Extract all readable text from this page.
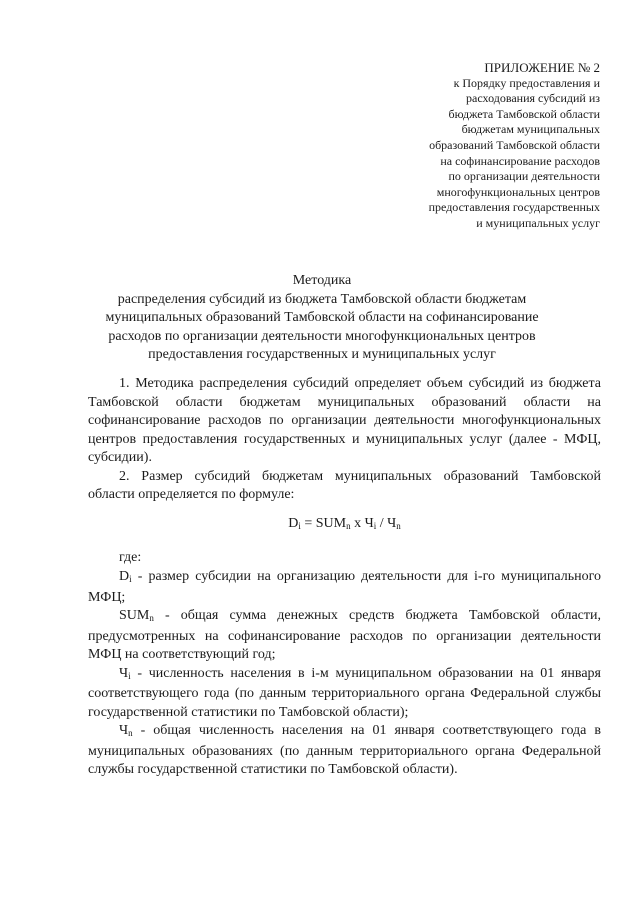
ПРИЛОЖЕНИЕ № 2
к Порядку предоставления и
расходования субсидий из
бюджета Тамбовской области
бюджетам муниципальных
образований Тамбовской области
на софинансирование расходов
по организации деятельности
многофункциональных центров
предоставления государственных
и муниципальных услуг
Методика
распределения субсидий из бюджета Тамбовской области бюджетам
муниципальных образований Тамбовской области на софинансирование
расходов по организации деятельности многофункциональных центров
предоставления государственных и муниципальных услуг
1. Методика распределения субсидий определяет объем субсидий из бюджета Тамбовской области бюджетам муниципальных образований области на софинансирование расходов по организации деятельности многофункциональных центров предоставления государственных и муниципальных услуг (далее - МФЦ, субсидии).
2. Размер субсидий бюджетам муниципальных образований Тамбовской области определяется по формуле:
$D_i = SUM_n$ x $Ч_i / Ч_n$
где:
$D_i$ - размер субсидии на организацию деятельности для i-го муниципального МФЦ;
$SUM_n$ - общая сумма денежных средств бюджета Тамбовской области, предусмотренных на софинансирование расходов по организации деятельности МФЦ на соответствующий год;
$Ч_i$ - численность населения в i-м муниципальном образовании на 01 января соответствующего года (по данным территориального органа Федеральной службы государственной статистики по Тамбовской области);
$Ч_n$ - общая численность населения на 01 января соответствующего года в муниципальных образованиях (по данным территориального органа Федеральной службы государственной статистики по Тамбовской области).
